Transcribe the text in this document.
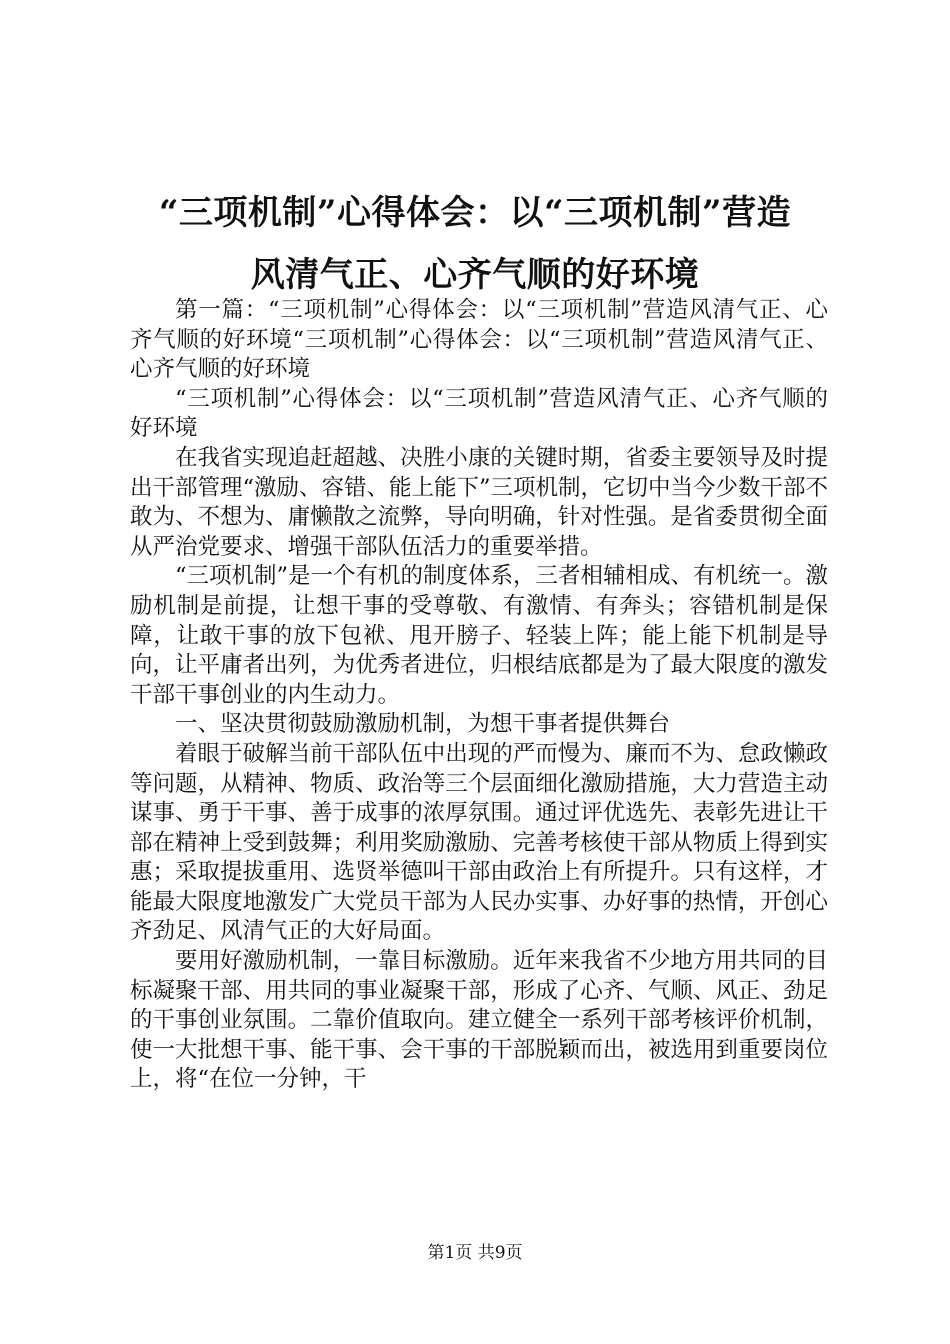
“三项机制”心得体会：以“三项机制”营造
风清气正、心齐气顺的好环境

第一篇：“三项机制”心得体会：以“三项机制”营造风清气正、心齐气顺的好环境“三项机制”心得体会：以“三项机制”营造风清气正、心齐气顺的好环境

“三项机制”心得体会：以“三项机制”营造风清气正、心齐气顺的好环境

在我省实现追赶超越、决胜小康的关键时期，省委主要领导及时提出干部管理“激励、容错、能上能下”三项机制，它切中当今少数干部不敢为、不想为、庸懒散之流弊，导向明确，针对性强。是省委贯彻全面从严治党要求、增强干部队伍活力的重要举措。

“三项机制”是一个有机的制度体系，三者相辅相成、有机统一。激励机制是前提，让想干事的受尊敬、有激情、有奔头；容错机制是保障，让敢干事的放下包袱、甩开膀子、轻装上阵；能上能下机制是导向，让平庸者出列，为优秀者进位，归根结底都是为了最大限度的激发干部干事创业的内生动力。

一、坚决贯彻鼓励激励机制，为想干事者提供舞台

着眼于破解当前干部队伍中出现的严而慢为、廉而不为、怠政懒政等问题，从精神、物质、政治等三个层面细化激励措施，大力营造主动谋事、勇于干事、善于成事的浓厚氛围。通过评优选先、表彰先进让干部在精神上受到鼓舞；利用奖励激励、完善考核使干部从物质上得到实惠；采取提拔重用、选贤举德叫干部由政治上有所提升。只有这样，才能最大限度地激发广大党员干部为人民办实事、办好事的热情，开创心齐劲足、风清气正的大好局面。

要用好激励机制，一靠目标激励。近年来我省不少地方用共同的目标凝聚干部、用共同的事业凝聚干部，形成了心齐、气顺、风正、劲足的干事创业氛围。二靠价值取向。建立健全一系列干部考核评价机制，使一大批想干事、能干事、会干事的干部脱颖而出，被选用到重要岗位上，将“在位一分钟，干

第1页 共9页
